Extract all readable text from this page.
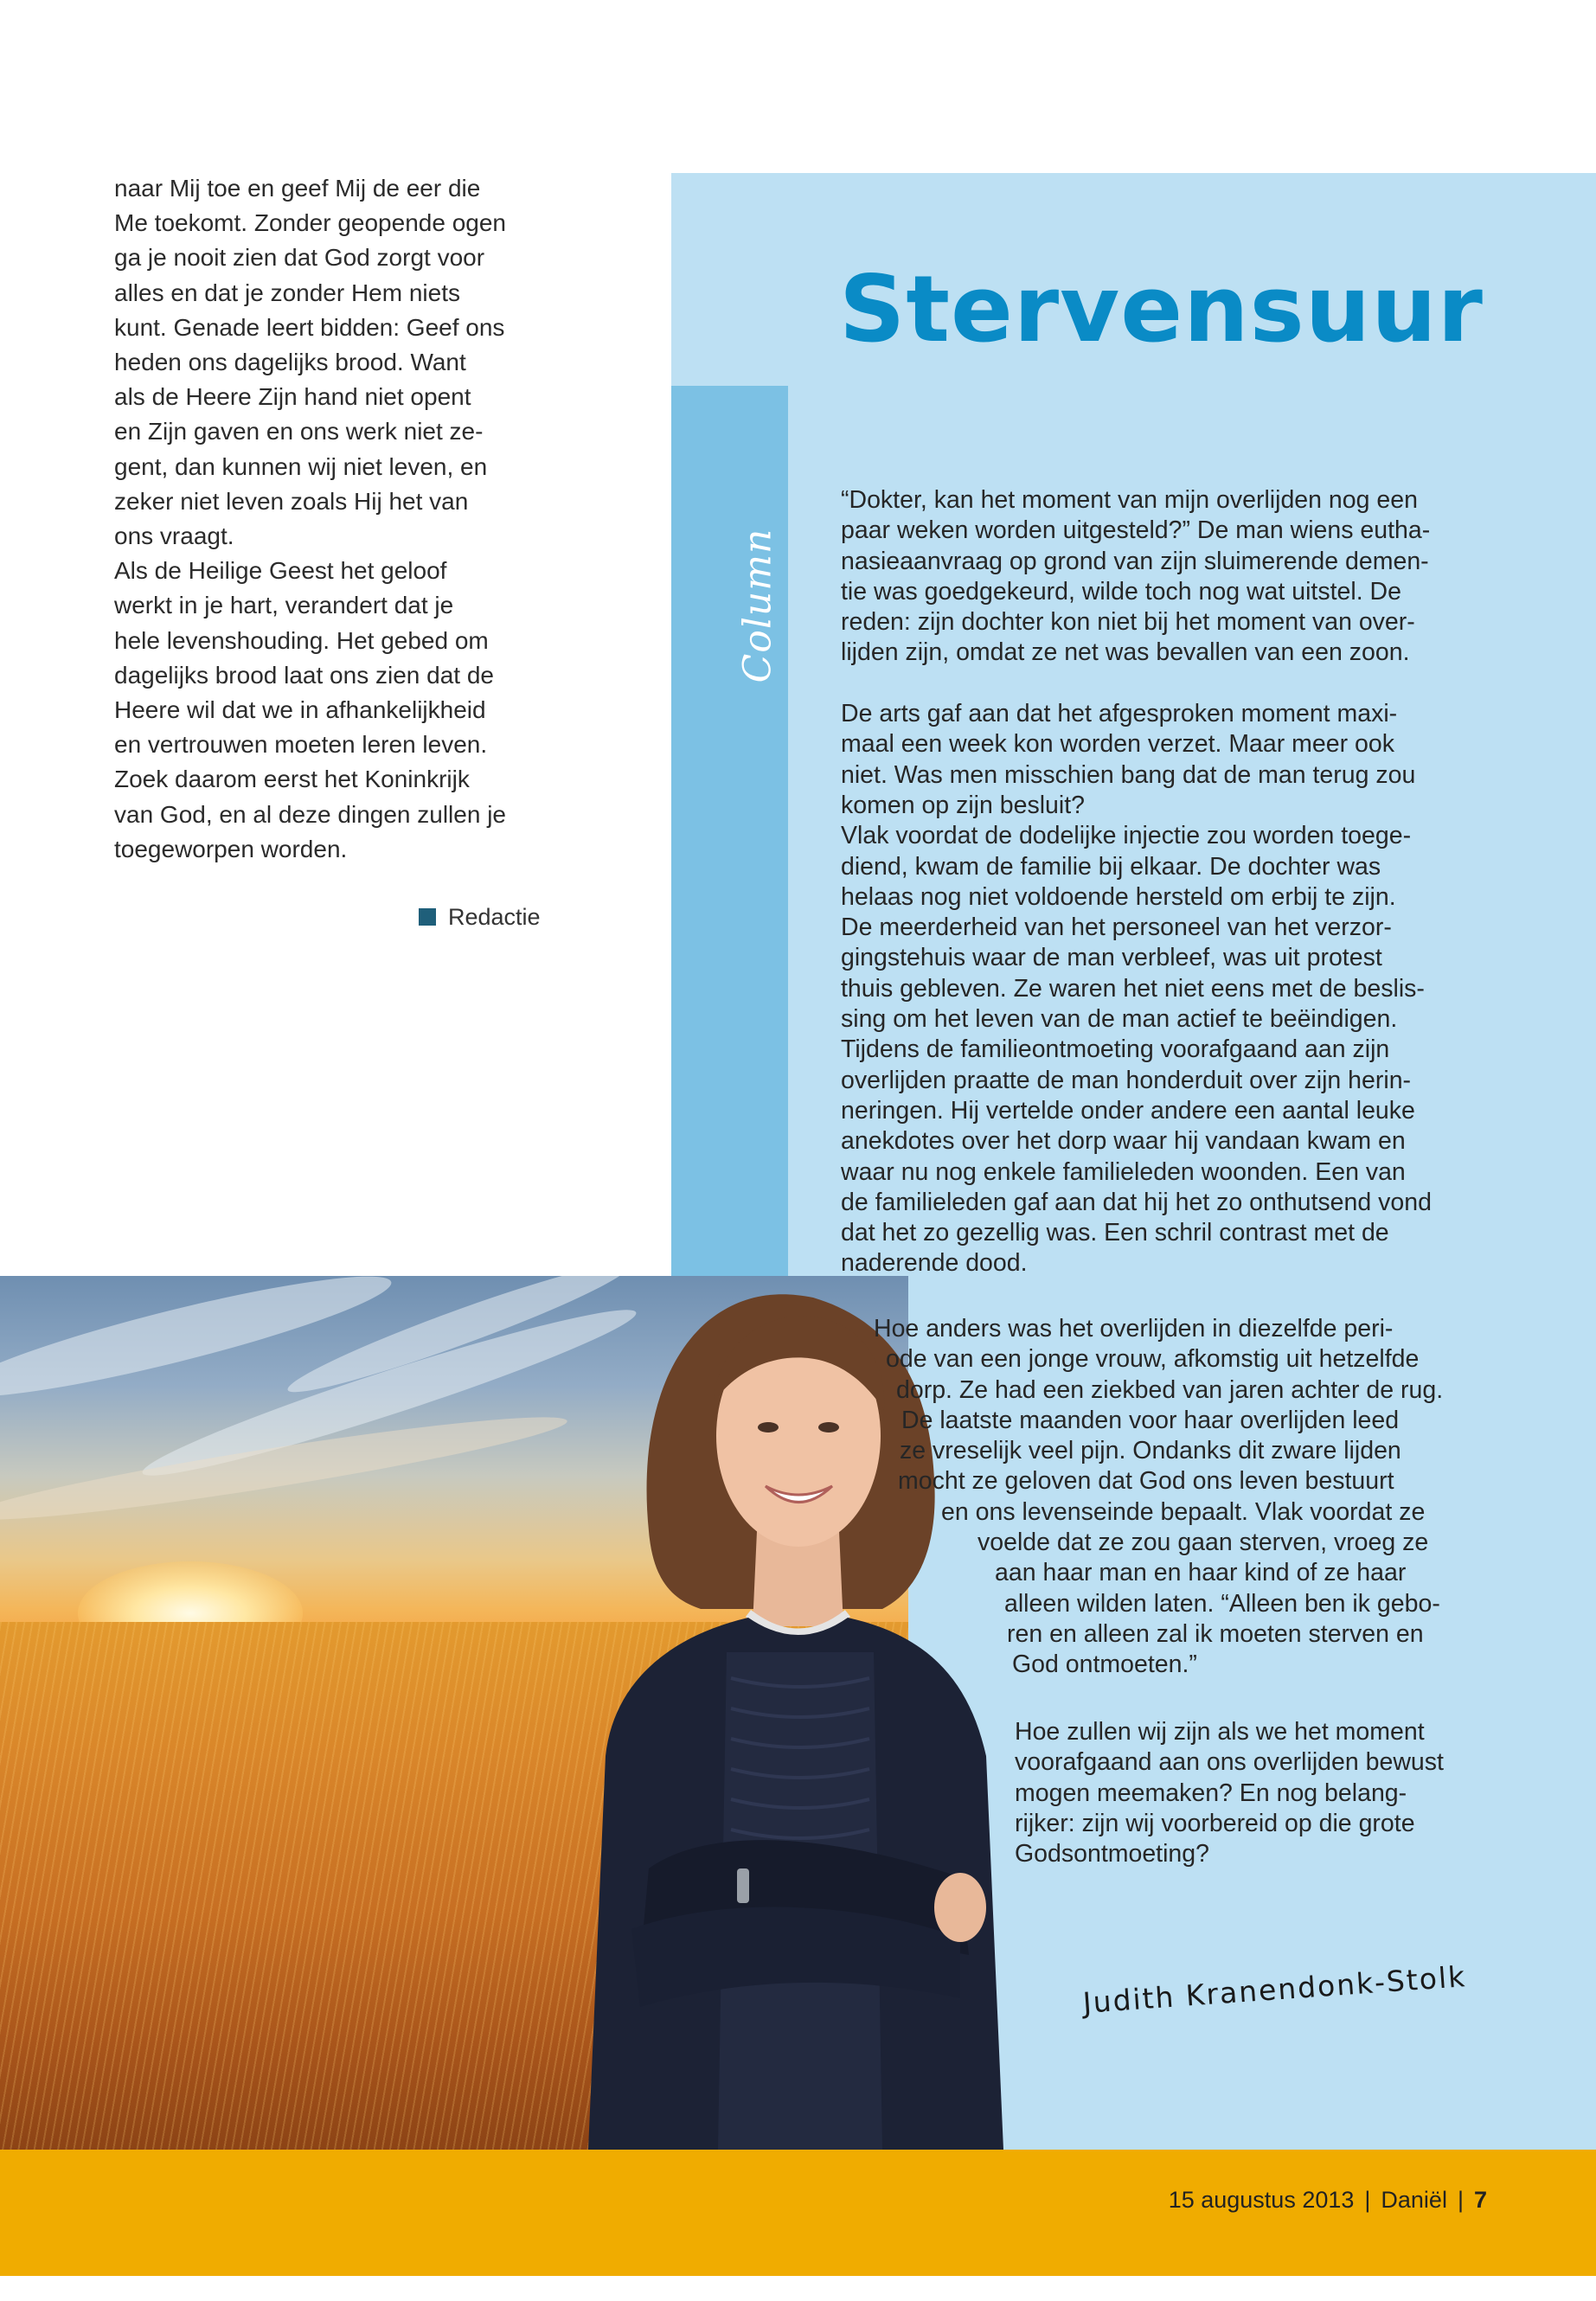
naar Mij toe en geef Mij de eer die
Me toekomt. Zonder geopende ogen
ga je nooit zien dat God zorgt voor
alles en dat je zonder Hem niets
kunt. Genade leert bidden: Geef ons
heden ons dagelijks brood. Want
als de Heere Zijn hand niet opent
en Zijn gaven en ons werk niet ze-
gent, dan kunnen wij niet leven, en
zeker niet leven zoals Hij het van
ons vraagt.
Als de Heilige Geest het geloof
werkt in je hart, verandert dat je
hele levenshouding. Het gebed om
dagelijks brood laat ons zien dat de
Heere wil dat we in afhankelijkheid
en vertrouwen moeten leren leven.
Zoek daarom eerst het Koninkrijk
van God, en al deze dingen zullen je
toegeworpen worden.
Redactie
Column
Stervensuur
“Dokter, kan het moment van mijn overlijden nog een
paar weken worden uitgesteld?” De man wiens eutha-
nasieaanvraag op grond van zijn sluimerende demen-
tie was goedgekeurd, wilde toch nog wat uitstel. De
reden: zijn dochter kon niet bij het moment van over-
lijden zijn, omdat ze net was bevallen van een zoon.

De arts gaf aan dat het afgesproken moment maxi-
maal een week kon worden verzet. Maar meer ook
niet. Was men misschien bang dat de man terug zou
komen op zijn besluit?
Vlak voordat de dodelijke injectie zou worden toege-
diend, kwam de familie bij elkaar. De dochter was
helaas nog niet voldoende hersteld om erbij te zijn.
De meerderheid van het personeel van het verzor-
gingstehuis waar de man verbleef, was uit protest
thuis gebleven. Ze waren het niet eens met de beslis-
sing om het leven van de man actief te beëindigen.
Tijdens de familieontmoeting voorafgaand aan zijn
overlijden praatte de man honderduit over zijn herin-
neringen. Hij vertelde onder andere een aantal leuke
anekdotes over het dorp waar hij vandaan kwam en
waar nu nog enkele familieleden woonden. Een van
de familieleden gaf aan dat hij het zo onthutsend vond
dat het zo gezellig was. Een schril contrast met de
naderende dood.
Hoe anders was het overlijden in diezelfde peri-
ode van een jonge vrouw, afkomstig uit hetzelfde
dorp. Ze had een ziekbed van jaren achter de rug.
De laatste maanden voor haar overlijden leed
ze vreselijk veel pijn. Ondanks dit zware lijden
mocht ze geloven dat God ons leven bestuurt
en ons levenseinde bepaalt. Vlak voordat ze
voelde dat ze zou gaan sterven, vroeg ze
aan haar man en haar kind of ze haar
alleen wilden laten. “Alleen ben ik gebo-
ren en alleen zal ik moeten sterven en
God ontmoeten.”
Hoe zullen wij zijn als we het moment
voorafgaand aan ons overlijden bewust
mogen meemaken? En nog belang-
rijker: zijn wij voorbereid op die grote
Godsontmoeting?
Judith Kranendonk-Stolk
15 augustus 2013 | Daniël | 7
